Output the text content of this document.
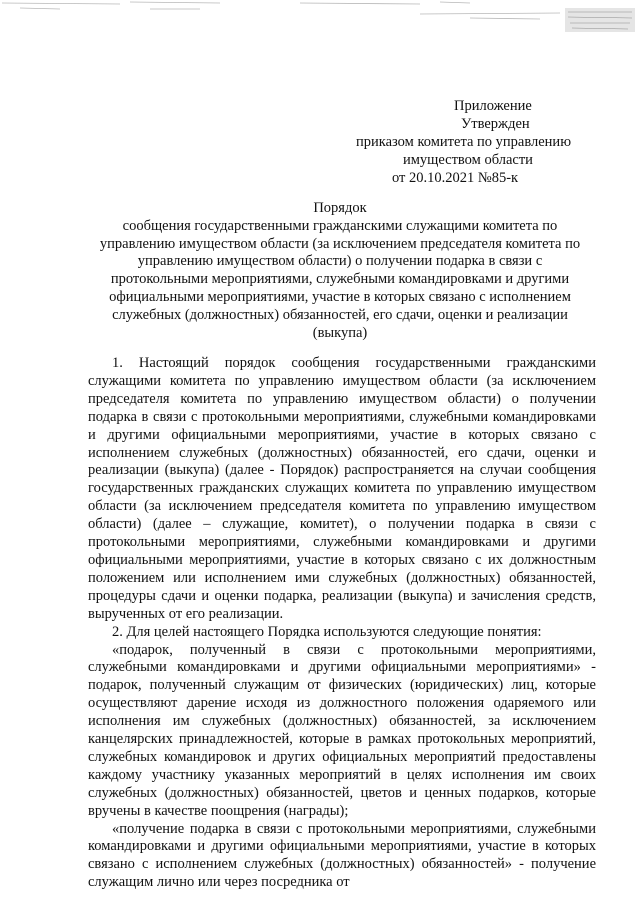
Приложение
Утвержден
приказом комитета по управлению
имуществом области
от 20.10.2021 №85-к
Порядок
сообщения государственными гражданскими служащими комитета по
управлению имуществом области (за исключением председателя комитета по
управлению имуществом области) о получении подарка в связи с
протокольными мероприятиями, служебными командировками и другими
официальными мероприятиями, участие в которых связано с исполнением
служебных (должностных) обязанностей, его сдачи, оценки и реализации
(выкупа)

1. Настоящий порядок сообщения государственными гражданскими служащими комитета по управлению имуществом области (за исключением председателя комитета по управлению имуществом области) о получении подарка в связи с протокольными мероприятиями, служебными командировками и другими официальными мероприятиями, участие в которых связано с исполнением служебных (должностных) обязанностей, его сдачи, оценки и реализации (выкупа) (далее - Порядок) распространяется на случаи сообщения государственных гражданских служащих комитета по управлению имуществом области (за исключением председателя комитета по управлению имуществом области) (далее – служащие, комитет), о получении подарка в связи с протокольными мероприятиями, служебными командировками и другими официальными мероприятиями, участие в которых связано с их должностным положением или исполнением ими служебных (должностных) обязанностей, процедуры сдачи и оценки подарка, реализации (выкупа) и зачисления средств, вырученных от его реализации.

2. Для целей настоящего Порядка используются следующие понятия:

«подарок, полученный в связи с протокольными мероприятиями, служебными командировками и другими официальными мероприятиями» - подарок, полученный служащим от физических (юридических) лиц, которые осуществляют дарение исходя из должностного положения одаряемого или исполнения им служебных (должностных) обязанностей, за исключением канцелярских принадлежностей, которые в рамках протокольных мероприятий, служебных командировок и других официальных мероприятий предоставлены каждому участнику указанных мероприятий в целях исполнения им своих служебных (должностных) обязанностей, цветов и ценных подарков, которые вручены в качестве поощрения (награды);

«получение подарка в связи с протокольными мероприятиями, служебными командировками и другими официальными мероприятиями, участие в которых связано с исполнением служебных (должностных) обязанностей» - получение служащим лично или через посредника от
